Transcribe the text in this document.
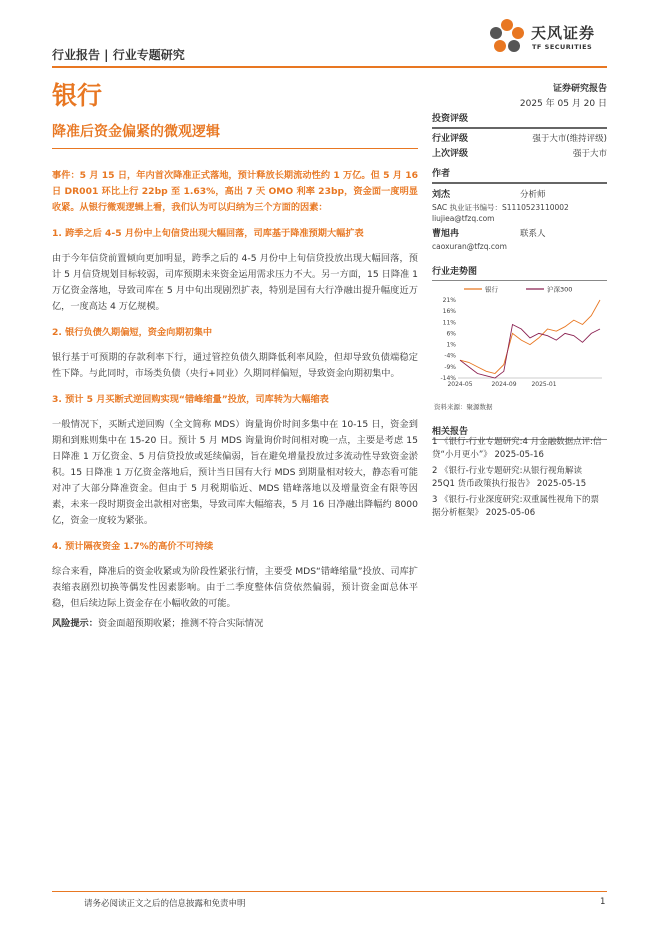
行业报告 | 行业专题研究
天风证券
TF SECURITIES
银行
降准后资金偏紧的微观逻辑
证券研究报告
2025 年 05 月 20 日
投资评级
行业评级	强于大市(维持评级)
上次评级	强于大市
作者
刘杰	分析师
SAC 执业证书编号：S1110523110002
liujiea@tfzq.com
曹旭冉	联系人
caoxuran@tfzq.com
行业走势图
21%
16%
11%
6%
1%
-4%
-9%
-14%
2024-05	2024-09 2025-01
银行	沪深300
资料来源：聚源数据
相关报告
1 《银行-行业专题研究:4 月金融数据点评:信贷“小月更小”》 2025-05-16
2 《银行-行业专题研究:从银行视角解读 25Q1 货币政策执行报告》 2025-05-15
3 《银行-行业深度研究:双重属性视角下的票据分析框架》 2025-05-06
事件：5 月 15 日，年内首次降准正式落地，预计释放长期流动性约 1 万亿。但 5 月 16 日 DR001 环比上行 22bp 至 1.63%，高出 7 天 OMO 利率 23bp，资金面一度明显收紧。从银行微观逻辑上看，我们认为可以归纳为三个方面的因素：
1. 跨季之后 4-5 月份中上旬信贷出现大幅回落，司库基于降准预期大幅扩表
由于今年信贷前置倾向更加明显，跨季之后的 4-5 月份中上旬信贷投放出现大幅回落，预计 5 月信贷规划目标较弱，司库预期未来资金运用需求压力不大。另一方面，15 日降准 1 万亿资金落地，导致司库在 5 月中旬出现剧烈扩表，特别是国有大行净融出提升幅度近万亿，一度高达 4 万亿规模。
2. 银行负债久期偏短，资金向期初集中
银行基于可预期的存款利率下行，通过管控负债久期降低利率风险，但却导致负债端稳定性下降。与此同时，市场类负债（央行+同业）久期同样偏短，导致资金向期初集中。
3. 预计 5 月买断式逆回购实现“错峰缩量”投放，司库转为大幅缩表
一般情况下，买断式逆回购（全文简称 MDS）询量询价时间多集中在 10-15 日，资金到期和到账则集中在 15-20 日。预计 5 月 MDS 询量询价时间相对晚一点，主要是考虑 15 日降准 1 万亿资金、5 月信贷投放或延续偏弱，旨在避免增量投放过多流动性导致资金淤积。15 日降准 1 万亿资金落地后，预计当日国有大行 MDS 到期量相对较大，静态看可能对冲了大部分降准资金。但由于 5 月税期临近、MDS 错峰落地以及增量资金有限等因素，未来一段时期资金出款相对密集，导致司库大幅缩表，5 月 16 日净融出降幅约 8000 亿，资金一度较为紧张。
4. 预计隔夜资金 1.7%的高价不可持续
综合来看，降准后的资金收紧或为阶段性紧张行情，主要受 MDS“错峰缩量”投放、司库扩表缩表剧烈切换等偶发性因素影响。由于二季度整体信贷依然偏弱，预计资金面总体平稳，但后续边际上资金存在小幅收敛的可能。
风险提示：资金面超预期收紧；推测不符合实际情况
请务必阅读正文之后的信息披露和免责申明	1
